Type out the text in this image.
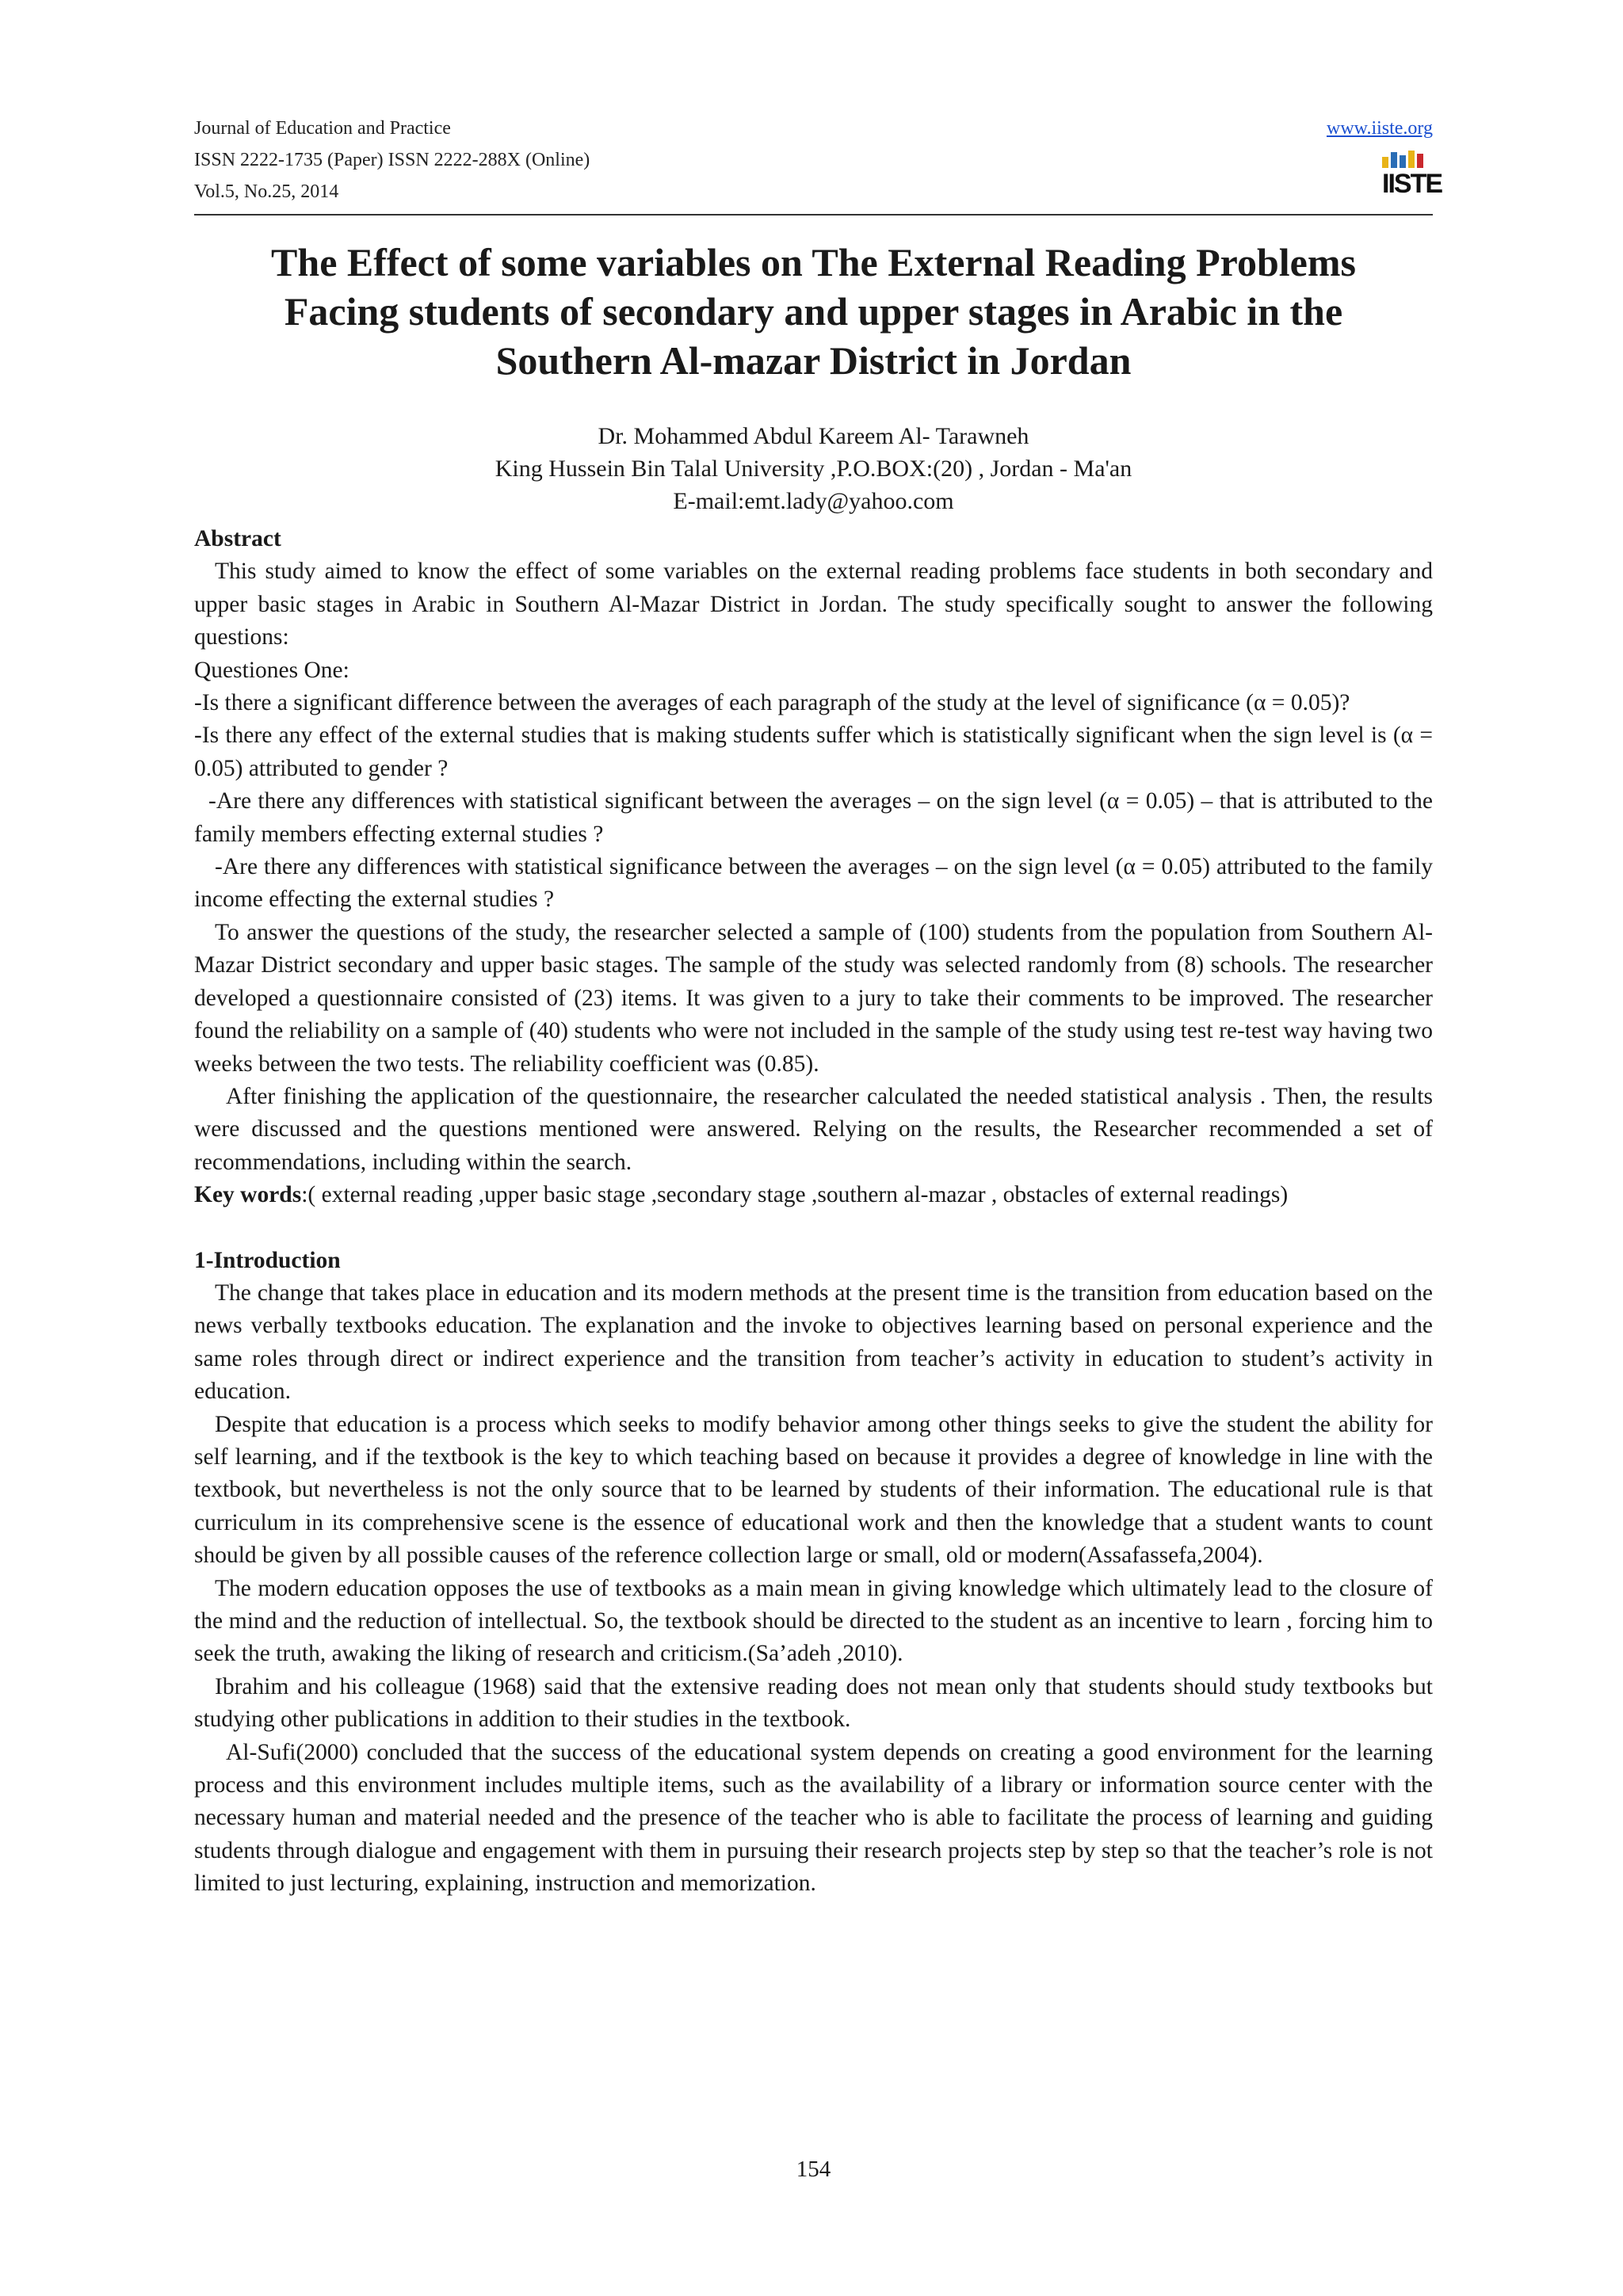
Journal of Education and Practice
ISSN 2222-1735 (Paper) ISSN 2222-288X (Online)
Vol.5, No.25, 2014
www.iiste.org

IISTE
The Effect of some variables on The External Reading Problems
Facing students of secondary and upper stages in Arabic in the
Southern Al-mazar District in Jordan
Dr. Mohammed Abdul Kareem Al- Tarawneh
King Hussein Bin Talal University ,P.O.BOX:(20) , Jordan - Ma'an
E-mail:emt.lady@yahoo.com

Abstract

This study aimed to know the effect of some variables on the external reading problems face students in both secondary and upper basic stages in Arabic in Southern Al-Mazar District in Jordan. The study specifically sought to answer the following questions:

Questiones One:

-Is there a significant difference between the averages of each paragraph of the study at the level of significance (α = 0.05)?

-Is there any effect of the external studies that is making students suffer which is statistically significant when the sign level is (α = 0.05) attributed to gender ?

-Are there any differences with statistical significant between the averages – on the sign level (α = 0.05) – that is attributed to the family members effecting external studies ?

-Are there any differences with statistical significance between the averages – on the sign level (α = 0.05) attributed to the family income effecting the external studies ?

To answer the questions of the study, the researcher selected a sample of (100) students from the population from Southern Al-Mazar District secondary and upper basic stages. The sample of the study was selected randomly from (8) schools. The researcher developed a questionnaire consisted of (23) items. It was given to a jury to take their comments to be improved. The researcher found the reliability on a sample of (40) students who were not included in the sample of the study using test re-test way having two weeks between the two tests. The reliability coefficient was (0.85).

After finishing the application of the questionnaire, the researcher calculated the needed statistical analysis . Then, the results were discussed and the questions mentioned were answered. Relying on the results, the Researcher recommended a set of recommendations, including within the search.

Key words:( external reading ,upper basic stage ,secondary stage ,southern al-mazar , obstacles of external readings)

1-Introduction

The change that takes place in education and its modern methods at the present time is the transition from education based on the news verbally textbooks education. The explanation and the invoke to objectives learning based on personal experience and the same roles through direct or indirect experience and the transition from teacher’s activity in education to student’s activity in education.

Despite that education is a process which seeks to modify behavior among other things seeks to give the student the ability for self learning, and if the textbook is the key to which teaching based on because it provides a degree of knowledge in line with the textbook, but nevertheless is not the only source that to be learned by students of their information. The educational rule is that curriculum in its comprehensive scene is the essence of educational work and then the knowledge that a student wants to count should be given by all possible causes of the reference collection large or small, old or modern(Assafassefa,2004).

The modern education opposes the use of textbooks as a main mean in giving knowledge which ultimately lead to the closure of the mind and the reduction of intellectual. So, the textbook should be directed to the student as an incentive to learn , forcing him to seek the truth, awaking the liking of research and criticism.(Sa’adeh ,2010).

Ibrahim and his colleague (1968) said that the extensive reading does not mean only that students should study textbooks but studying other publications in addition to their studies in the textbook.

Al-Sufi(2000) concluded that the success of the educational system depends on creating a good environment for the learning process and this environment includes multiple items, such as the availability of a library or information source center with the necessary human and material needed and the presence of the teacher who is able to facilitate the process of learning and guiding students through dialogue and engagement with them in pursuing their research projects step by step so that the teacher’s role is not limited to just lecturing, explaining, instruction and memorization.

154
